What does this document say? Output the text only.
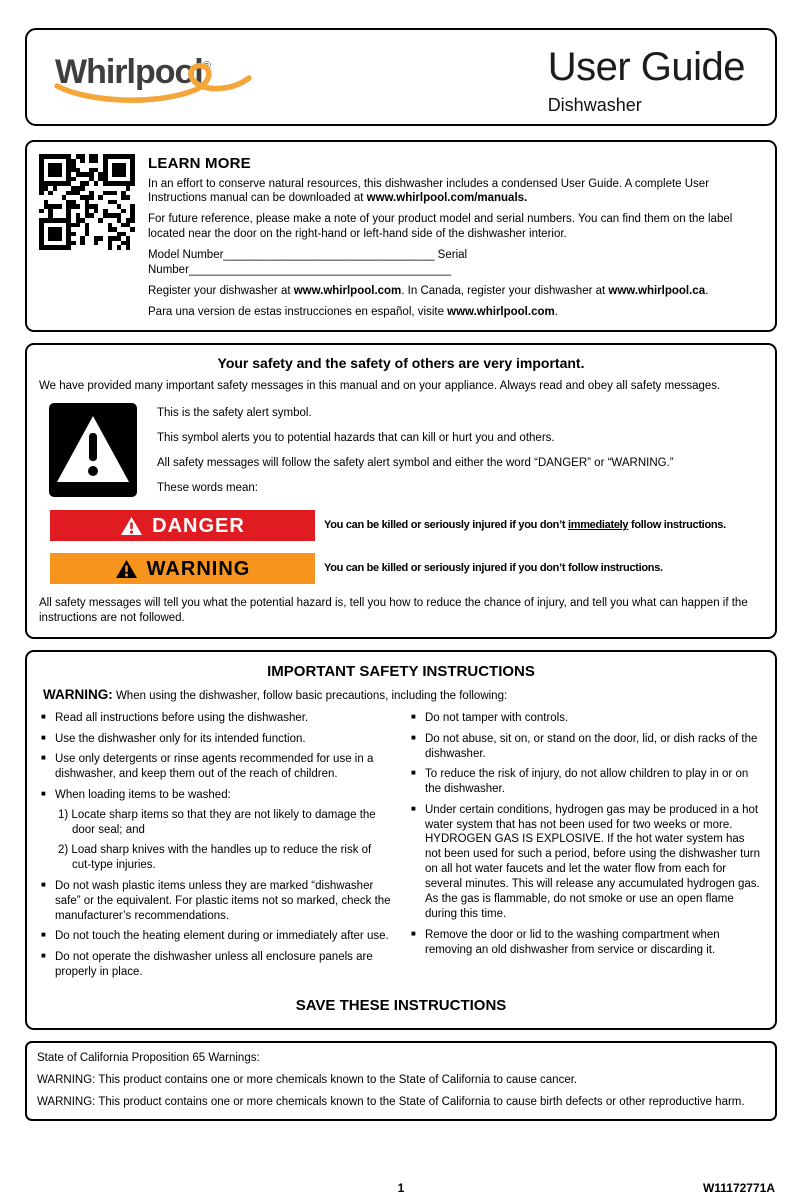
Whirlpool®	User Guide
Dishwasher
LEARN MORE

In an effort to conserve natural resources, this dishwasher includes a condensed User Guide. A complete User Instructions manual can be downloaded at www.whirlpool.com/manuals.

For future reference, please make a note of your product model and serial numbers. You can find them on the label located near the door on the right-hand or left-hand side of the dishwasher interior.

Model Number_________________________________ Serial Number_________________________________________

Register your dishwasher at www.whirlpool.com. In Canada, register your dishwasher at www.whirlpool.ca.

Para una version de estas instrucciones en español, visite www.whirlpool.com.

Your safety and the safety of others are very important.
We have provided many important safety messages in this manual and on your appliance. Always read and obey all safety messages.
This is the safety alert symbol.
This symbol alerts you to potential hazards that can kill or hurt you and others.
All safety messages will follow the safety alert symbol and either the word “DANGER” or “WARNING.”
These words mean:
DANGER	You can be killed or seriously injured if you don’t immediately follow instructions.
WARNING	You can be killed or seriously injured if you don’t follow instructions.
All safety messages will tell you what the potential hazard is, tell you how to reduce the chance of injury, and tell you what can happen if the instructions are not followed.
IMPORTANT SAFETY INSTRUCTIONS
WARNING: When using the dishwasher, follow basic precautions, including the following:
■ Read all instructions before using the dishwasher.
■ Use the dishwasher only for its intended function.
■ Use only detergents or rinse agents recommended for use in a dishwasher, and keep them out of the reach of children.
■ When loading items to be washed:
1) Locate sharp items so that they are not likely to damage the door seal; and
2) Load sharp knives with the handles up to reduce the risk of cut-type injuries.
■ Do not wash plastic items unless they are marked “dishwasher safe” or the equivalent. For plastic items not so marked, check the manufacturer’s recommendations.
■ Do not touch the heating element during or immediately after use.
■ Do not operate the dishwasher unless all enclosure panels are properly in place.
■ Do not tamper with controls.
■ Do not abuse, sit on, or stand on the door, lid, or dish racks of the dishwasher.
■ To reduce the risk of injury, do not allow children to play in or on the dishwasher.
■ Under certain conditions, hydrogen gas may be produced in a hot water system that has not been used for two weeks or more. HYDROGEN GAS IS EXPLOSIVE. If the hot water system has not been used for such a period, before using the dishwasher turn on all hot water faucets and let the water flow from each for several minutes. This will release any accumulated hydrogen gas. As the gas is flammable, do not smoke or use an open flame during this time.
■ Remove the door or lid to the washing compartment when removing an old dishwasher from service or discarding it.
SAVE THESE INSTRUCTIONS

State of California Proposition 65 Warnings:

WARNING: This product contains one or more chemicals known to the State of California to cause cancer.

WARNING: This product contains one or more chemicals known to the State of California to cause birth defects or other reproductive harm.

1	W11172771A
